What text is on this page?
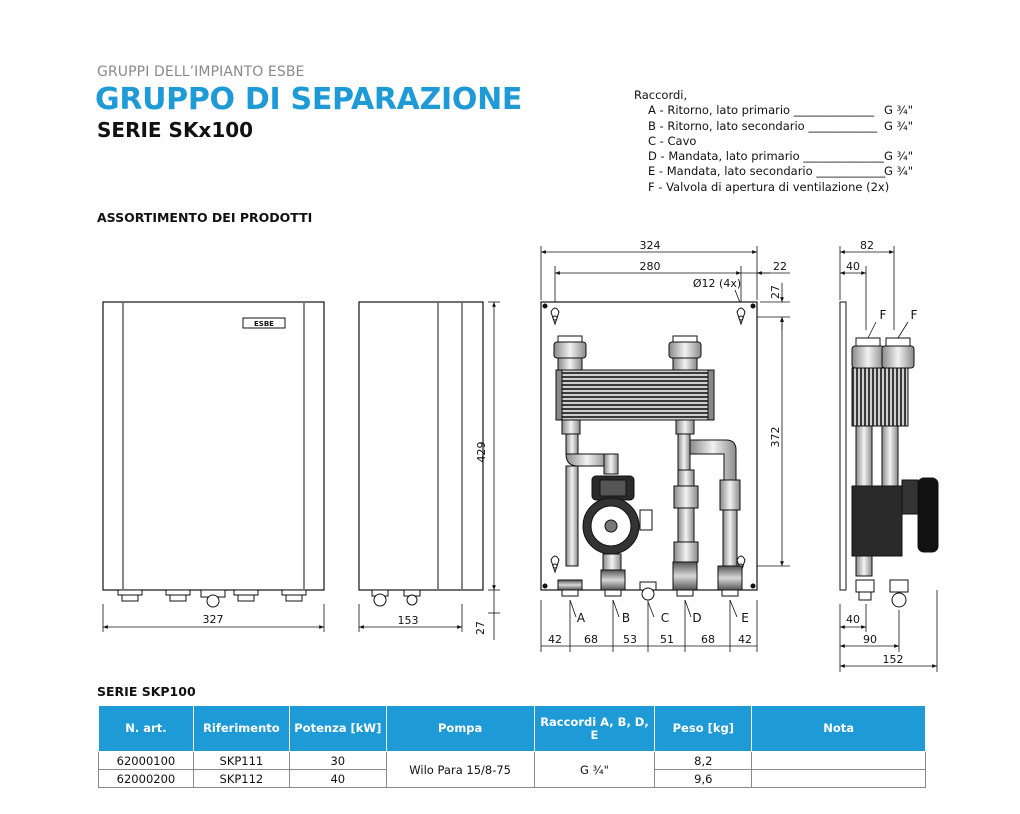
GRUPPI DELL’IMPIANTO ESBE
GRUPPO DI SEPARAZIONE
SERIE SKx100
Raccordi,
A - Ritorno, lato primario ______________ G ¾"
B - Ritorno, lato secondario ____________ G ¾"
C - Cavo
D - Mandata, lato primario ______________ G ¾"
E - Mandata, lato secondario ____________
G ¾"
F - Valvola di apertura di ventilazione (2x)
ASSORTIMENTO DEI PRODOTTI
ESBE
327
429
153
27
324
280	22
Ø12 (4x)
27
372
A	B	C D	E
42 68 53 51 68 42
82
40
F F
40
90
152
SERIE SKP100
N. art.	Riferimento	Potenza [kW]	Pompa	Raccordi A, B, D, E	Peso [kg]	Nota
62000100	SKP111	30	Wilo Para 15/8-75	G ¾"	8,2	
62000200	SKP112	40			9,6	
